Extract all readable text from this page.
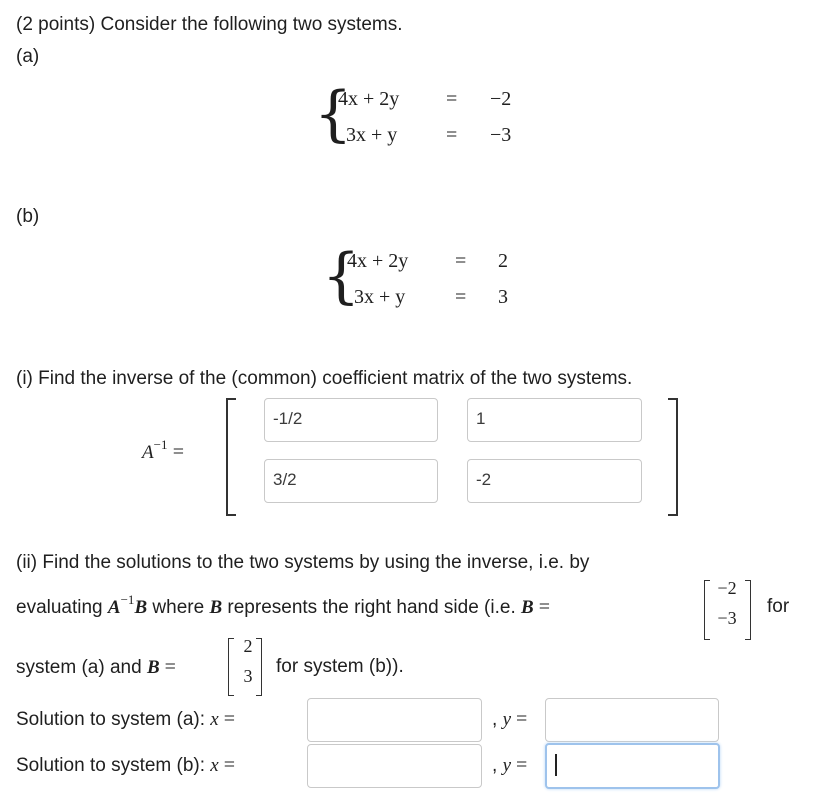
(2 points) Consider the following two systems.
(a)
{
4x + 2y = −2
3x + y = −3
(b)
{
4x + 2y = 2
3x + y = 3
(i) Find the inverse of the (common) coefficient matrix of the two systems.
$A^{-1}$ =
-1/2	1
3/2	-2
(ii) Find the solutions to the two systems by using the inverse, i.e. by
evaluating $A^{-1}B$ where B represents the right hand side (i.e. B =
−2
−3
for
system (a) and B =
2
3	for system (b)).
Solution to system (a): x =	, y =
Solution to system (b): x =	, y =
